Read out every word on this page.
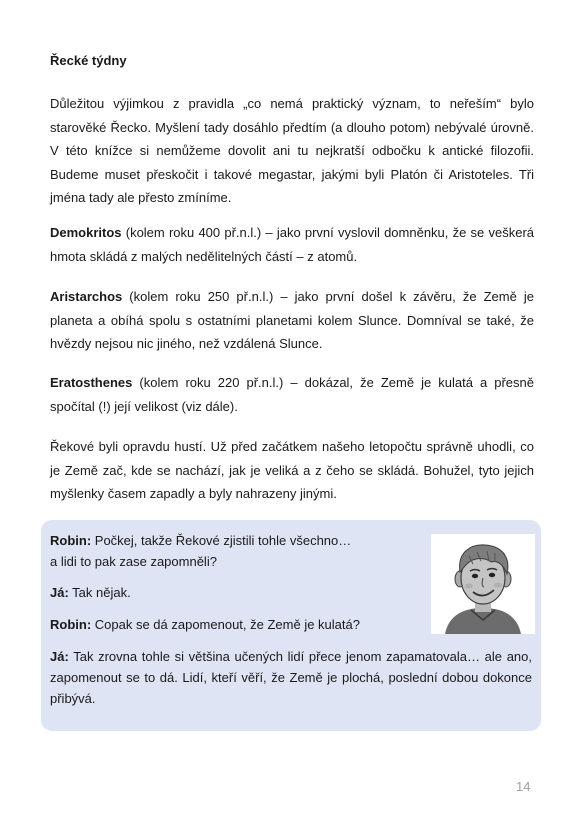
Řecké týdny

Důležitou výjimkou z pravidla „co nemá praktický význam, to neřeším“ bylo starověké Řecko. Myšlení tady dosáhlo předtím (a dlouho potom) nebývalé úrovně. V této knížce si nemůžeme dovolit ani tu nejkratší odbočku k antické filozofii. Budeme muset přeskočit i takové megastar, jakými byli Platón či Aristoteles. Tři jména tady ale přesto zmíníme.

Demokritos (kolem roku 400 př.n.l.) – jako první vyslovil domněnku, že se veškerá hmota skládá z malých nedělitelných částí – z atomů.

Aristarchos (kolem roku 250 př.n.l.) – jako první došel k závěru, že Země je planeta a obíhá spolu s ostatními planetami kolem Slunce. Domníval se také, že hvězdy nejsou nic jiného, než vzdálená Slunce.

Eratosthenes (kolem roku 220 př.n.l.) – dokázal, že Země je kulatá a přesně spočítal (!) její velikost (viz dále).

Řekové byli opravdu hustí. Už před začátkem našeho letopočtu správně uhodli, co je Země zač, kde se nachází, jak je veliká a z čeho se skládá. Bohužel, tyto jejich myšlenky časem zapadly a byly nahrazeny jinými.

Robin: Počkej, takže Řekové zjistili tohle všechno…
a lidi to pak zase zapomněli?

Já: Tak nějak.

Robin: Copak se dá zapomenout, že Země je kulatá?

Já: Tak zrovna tohle si většina učených lidí přece jenom zapamatovala… ale ano, zapomenout se to dá. Lidí, kteří věří, že Země je plochá, poslední dobou dokonce přibývá.

14
